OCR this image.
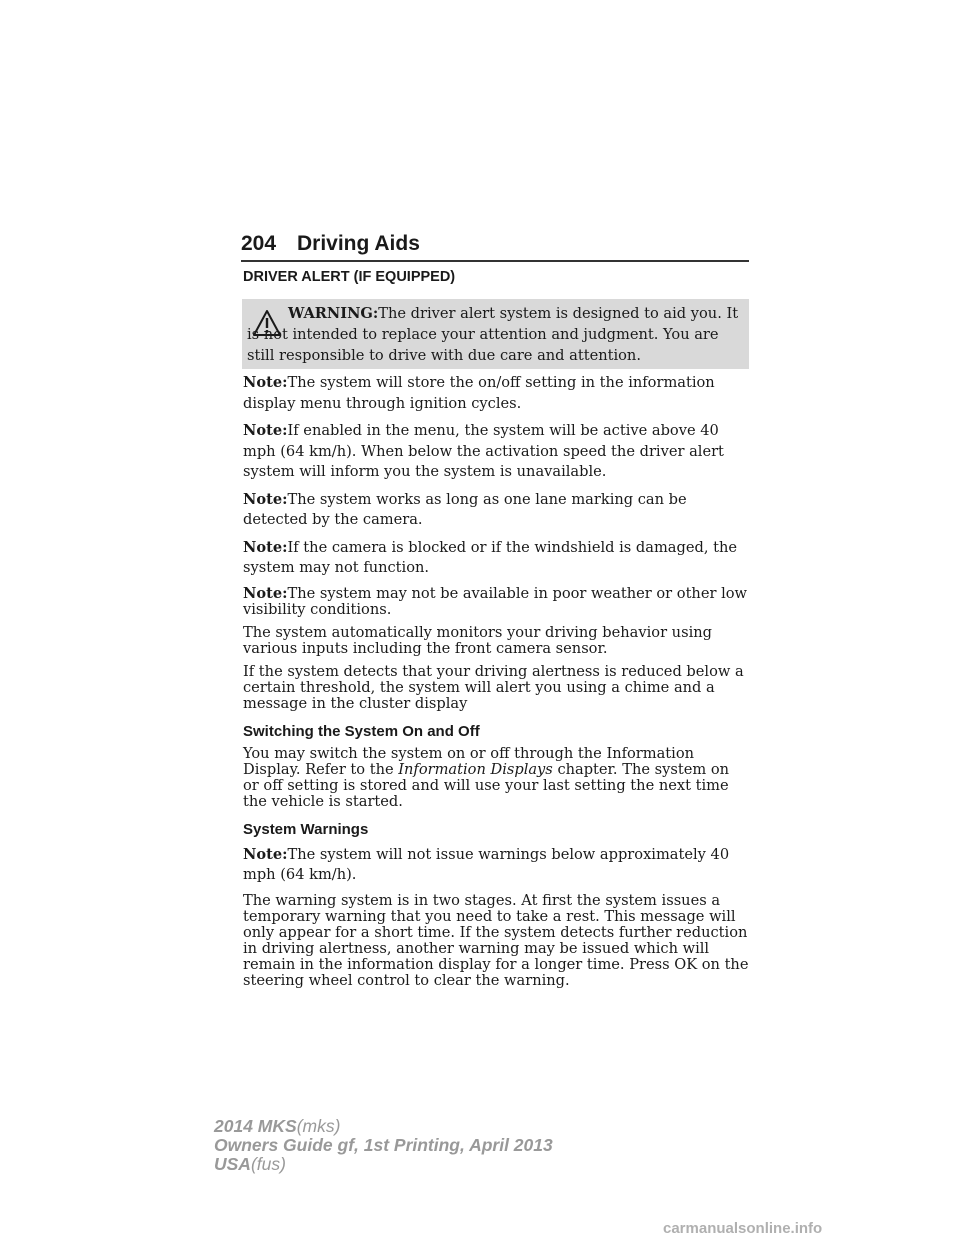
204 Driving Aids
DRIVER ALERT (IF EQUIPPED)
WARNING:The driver alert system is designed to aid you. It is not intended to replace your attention and judgment. You are still responsible to drive with due care and attention.

Note:The system will store the on/off setting in the information display menu through ignition cycles.

Note:If enabled in the menu, the system will be active above 40 mph (64 km/h). When below the activation speed the driver alert system will inform you the system is unavailable.

Note:The system works as long as one lane marking can be detected by the camera.

Note:If the camera is blocked or if the windshield is damaged, the system may not function.

Note:The system may not be available in poor weather or other low visibility conditions.

The system automatically monitors your driving behavior using various inputs including the front camera sensor.

If the system detects that your driving alertness is reduced below a certain threshold, the system will alert you using a chime and a message in the cluster display

Switching the System On and Off

You may switch the system on or off through the Information Display. Refer to the Information Displays chapter. The system on or off setting is stored and will use your last setting the next time the vehicle is started.

System Warnings

Note:The system will not issue warnings below approximately 40 mph (64 km/h).

The warning system is in two stages. At first the system issues a temporary warning that you need to take a rest. This message will only appear for a short time. If the system detects further reduction in driving alertness, another warning may be issued which will remain in the information display for a longer time. Press OK on the steering wheel control to clear the warning.

2014 MKS(mks)
Owners Guide gf, 1st Printing, April 2013
USA(fus)
carmanualsonline.info
